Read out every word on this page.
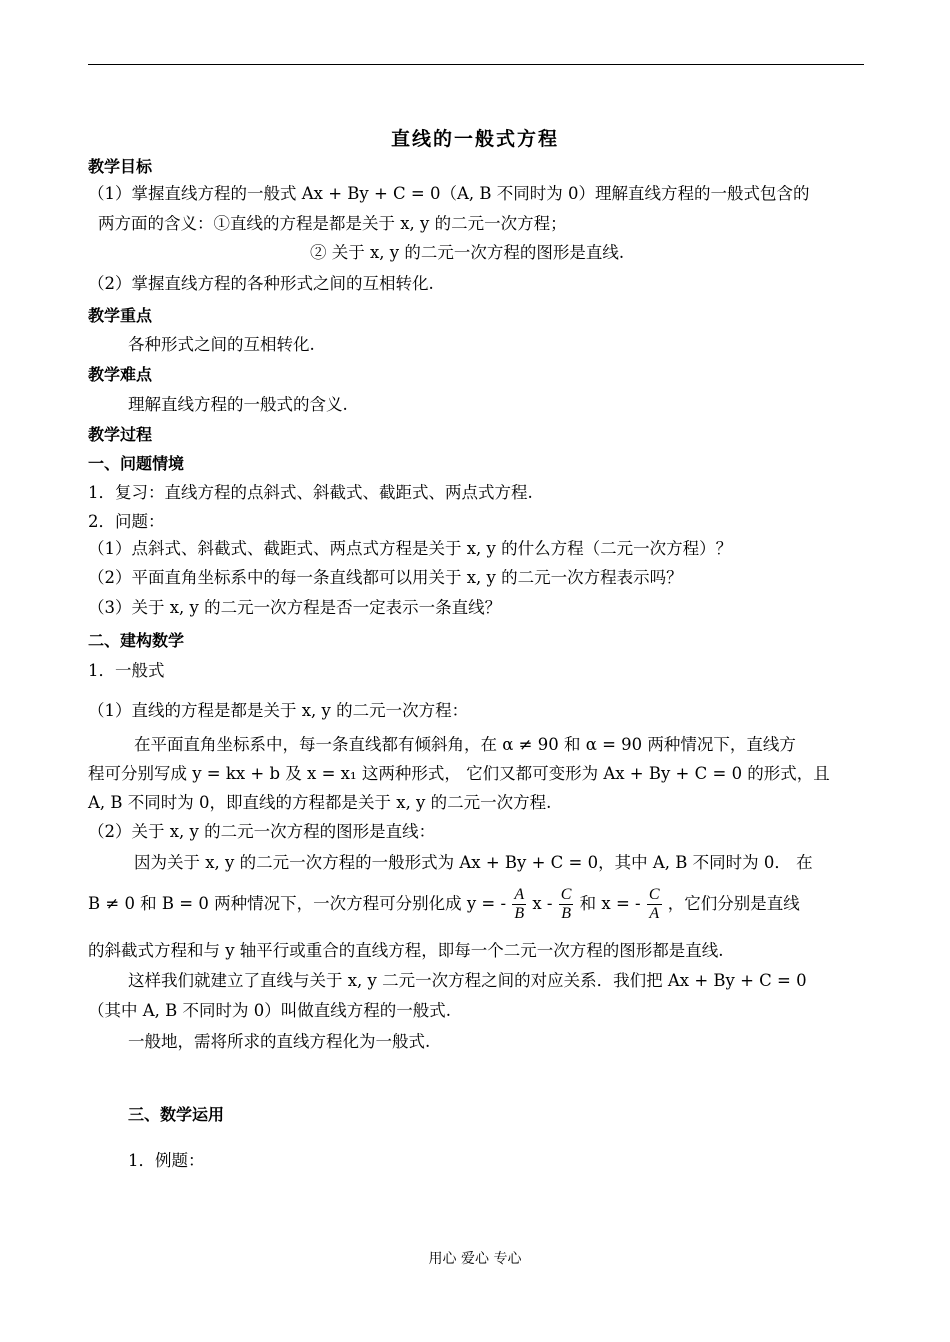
直线的一般式方程
教学目标
（1）掌握直线方程的一般式 Ax + By + C = 0（A, B 不同时为 0）理解直线方程的一般式包含的
两方面的含义：①直线的方程是都是关于 x, y 的二元一次方程；
② 关于 x, y 的二元一次方程的图形是直线.
（2）掌握直线方程的各种形式之间的互相转化.
教学重点
各种形式之间的互相转化.
教学难点
理解直线方程的一般式的含义.
教学过程
一、问题情境
1．复习：直线方程的点斜式、斜截式、截距式、两点式方程.
2．问题：
（1）点斜式、斜截式、截距式、两点式方程是关于 x, y 的什么方程（二元一次方程）？
（2）平面直角坐标系中的每一条直线都可以用关于 x, y 的二元一次方程表示吗？
（3）关于 x, y 的二元一次方程是否一定表示一条直线？
二、建构数学
1．一般式
（1）直线的方程是都是关于 x, y 的二元一次方程：
在平面直角坐标系中，每一条直线都有倾斜角，在 α ≠ 90 和 α = 90 两种情况下，直线方
程可分别写成 y = kx + b 及 x = x₁ 这两种形式， 它们又都可变形为 Ax + By + C = 0 的形式，且
A, B 不同时为 0，即直线的方程都是关于 x, y 的二元一次方程.
（2）关于 x, y 的二元一次方程的图形是直线：
因为关于 x, y 的二元一次方程的一般形式为 Ax + By + C = 0，其中 A, B 不同时为 0． 在
B ≠ 0 和 B = 0 两种情况下，一次方程可分别化成 y = - $\frac{A}{B}$ x - $\frac{C}{B}$ 和 x = - $\frac{C}{A}$ ，它们分别是直线
的斜截式方程和与 y 轴平行或重合的直线方程，即每一个二元一次方程的图形都是直线.
这样我们就建立了直线与关于 x, y 二元一次方程之间的对应关系．我们把 Ax + By + C = 0
（其中 A, B 不同时为 0）叫做直线方程的一般式.
一般地，需将所求的直线方程化为一般式.
三、数学运用
1．例题：
用心 爱心 专心
